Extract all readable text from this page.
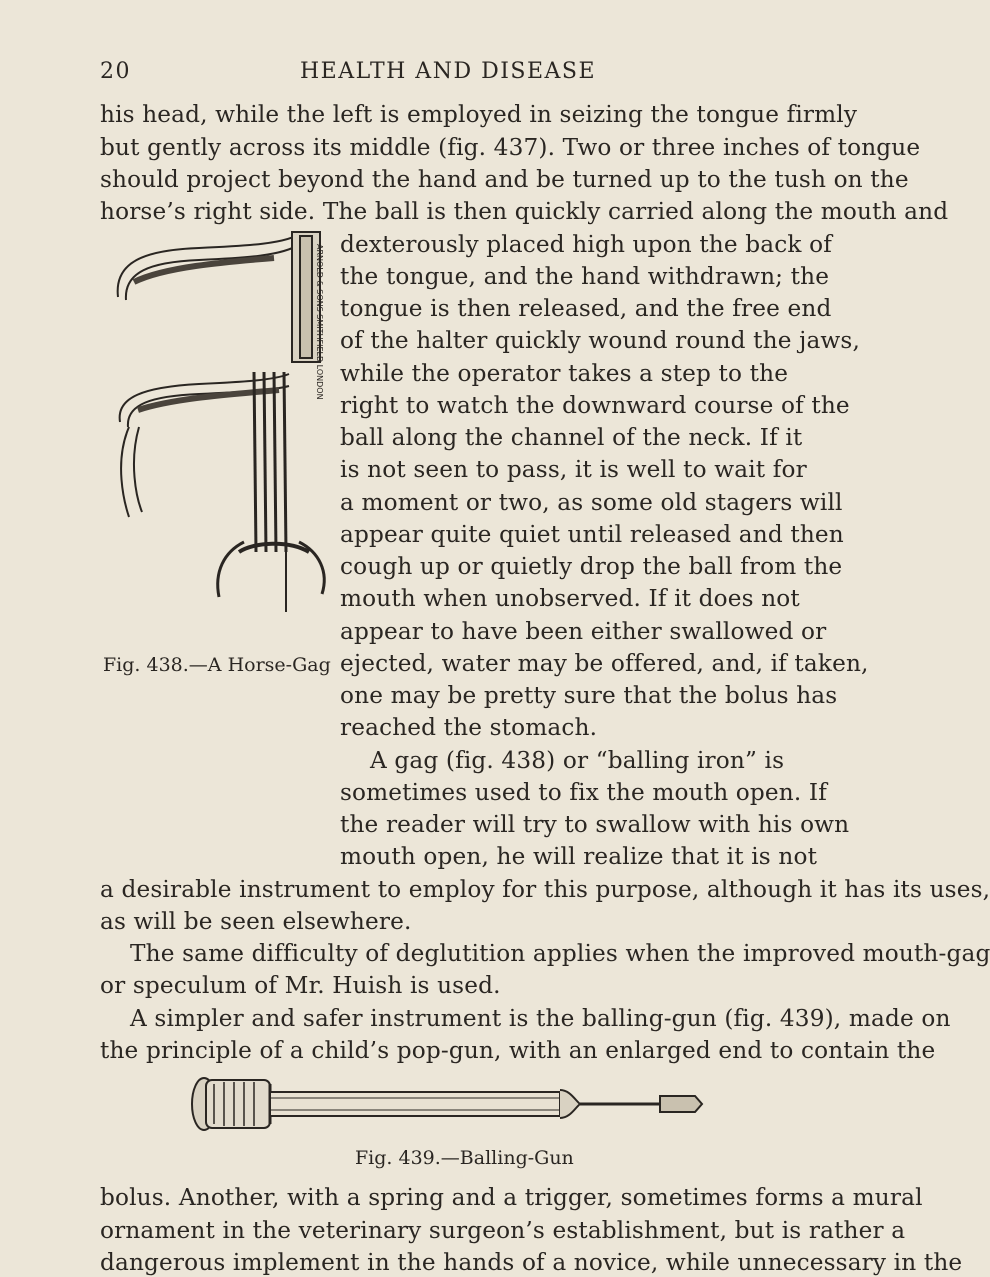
20	HEALTH AND DISEASE
his head, while the left is employed in seizing the tongue firmly
but gently across its middle (fig. 437). Two or three inches of tongue
should project beyond the hand and be turned up to the tush on the
horse’s right side. The ball is then quickly carried along the mouth and
dexterously placed high upon the back of
the tongue, and the hand withdrawn; the
tongue is then released, and the free end
of the halter quickly wound round the jaws,
while the operator takes a step to the
right to watch the downward course of the
ball along the channel of the neck. If it
is not seen to pass, it is well to wait for
a moment or two, as some old stagers will
appear quite quiet until released and then
cough up or quietly drop the ball from the
mouth when unobserved. If it does not
appear to have been either swallowed or
ejected, water may be offered, and, if taken,
one may be pretty sure that the bolus has
reached the stomach.
A gag (fig. 438) or “balling iron” is
sometimes used to fix the mouth open. If
the reader will try to swallow with his own
mouth open, he will realize that it is not
a desirable instrument to employ for this purpose, although it has its uses,
as will be seen elsewhere.
The same difficulty of deglutition applies when the improved mouth-gag
or speculum of Mr. Huish is used.
A simpler and safer instrument is the balling-gun (fig. 439), made on
the principle of a child’s pop-gun, with an enlarged end to contain the
bolus. Another, with a spring and a trigger, sometimes forms a mural
ornament in the veterinary surgeon’s establishment, but is rather a
dangerous implement in the hands of a novice, while unnecessary in the
ARNOLD & SONS SMITHFIELD LONDON
Fig. 438.—A Horse-Gag
Fig. 439.—Balling-Gun
